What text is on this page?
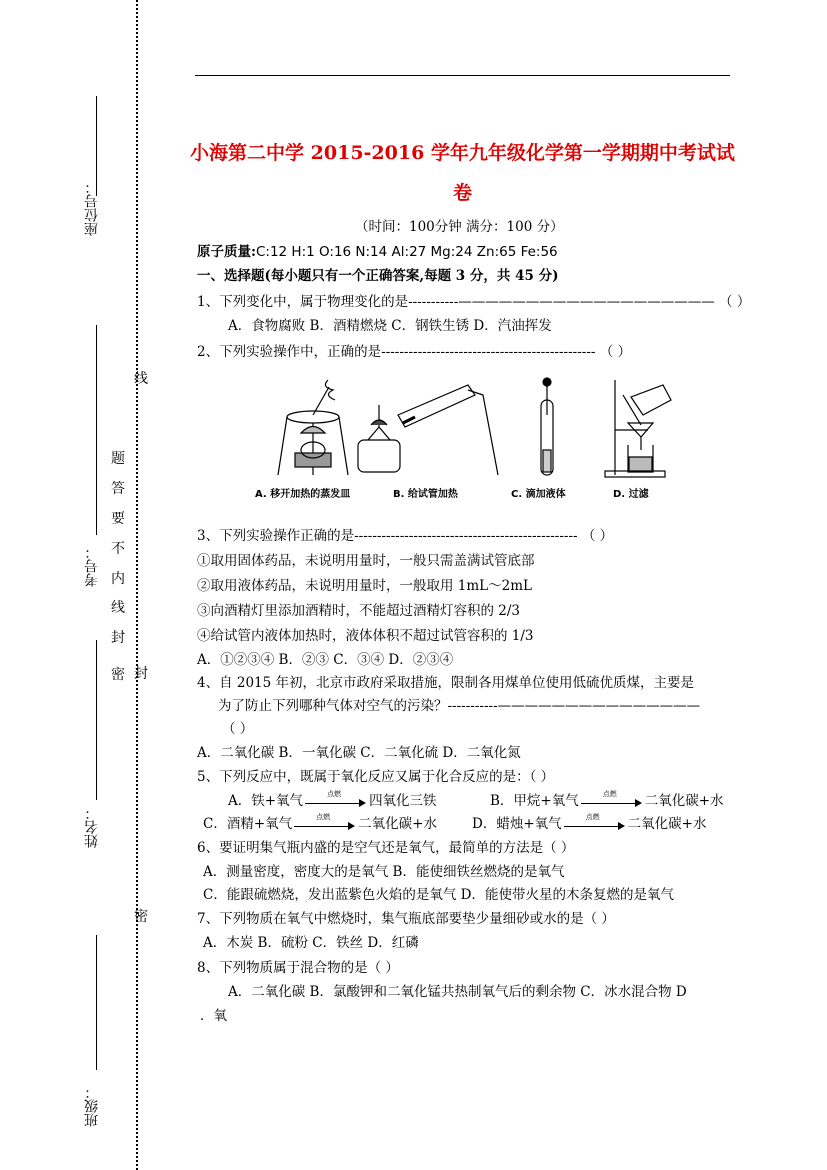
座位号：
考号：
姓名：
班级：
线
封
密
密
封
线
内
不
要
答
题
小海第二中学 2015-2016 学年九年级化学第一学期期中考试试
卷
（时间：100分钟 满分：100 分）
原子质量:C:12 H:1 O:16 N:14 Al:27 Mg:24 Zn:65 Fe:56
一、选择题(每小题只有一个正确答案,每题 3 分，共 45 分)
1、下列变化中，属于物理变化的是-----------——————————————————— （ ）
A．食物腐败 B．酒精燃烧 C．钢铁生锈 D．汽油挥发
2、下列实验操作中，正确的是----------------------------------------------- （ ）
A. 移开加热的蒸发皿	B. 给试管加热	C. 滴加液体	D. 过滤
3、下列实验操作正确的是------------------------------------------------- （ ）
①取用固体药品，未说明用量时，一般只需盖满试管底部
②取用液体药品，未说明用量时，一般取用 1mL～2mL
③向酒精灯里添加酒精时，不能超过酒精灯容积的 2/3
④给试管内液体加热时，液体体积不超过试管容积的 1/3
A．①②③④ B．②③ C．③④ D．②③④
4、自 2015 年初，北京市政府采取措施，限制各用煤单位使用低硫优质煤，主要是
为了防止下列哪种气体对空气的污染？-----------———————————————
（ ）
A．二氧化碳 B．一氧化碳 C．二氧化硫 D．二氧化氮
5、下列反应中，既属于氧化反应又属于化合反应的是：（ ）
A．铁+氧气	点燃	四氧化三铁	B．甲烷+氧气	点燃	二氧化碳+水
C．酒精+氧气	点燃	二氧化碳+水	D．蜡烛+氧气	点燃	二氧化碳+水
6、要证明集气瓶内盛的是空气还是氧气，最简单的方法是（ ）
A．测量密度，密度大的是氧气 B．能使细铁丝燃烧的是氧气
C．能跟硫燃烧，发出蓝紫色火焰的是氧气 D．能使带火星的木条复燃的是氧气
7、下列物质在氧气中燃烧时，集气瓶底部要垫少量细砂或水的是（ ）
A．木炭 B．硫粉 C．铁丝 D．红磷
8、下列物质属于混合物的是（ ）
A．二氧化碳 B．氯酸钾和二氧化锰共热制氧气后的剩余物 C．冰水混合物 D
．氧
